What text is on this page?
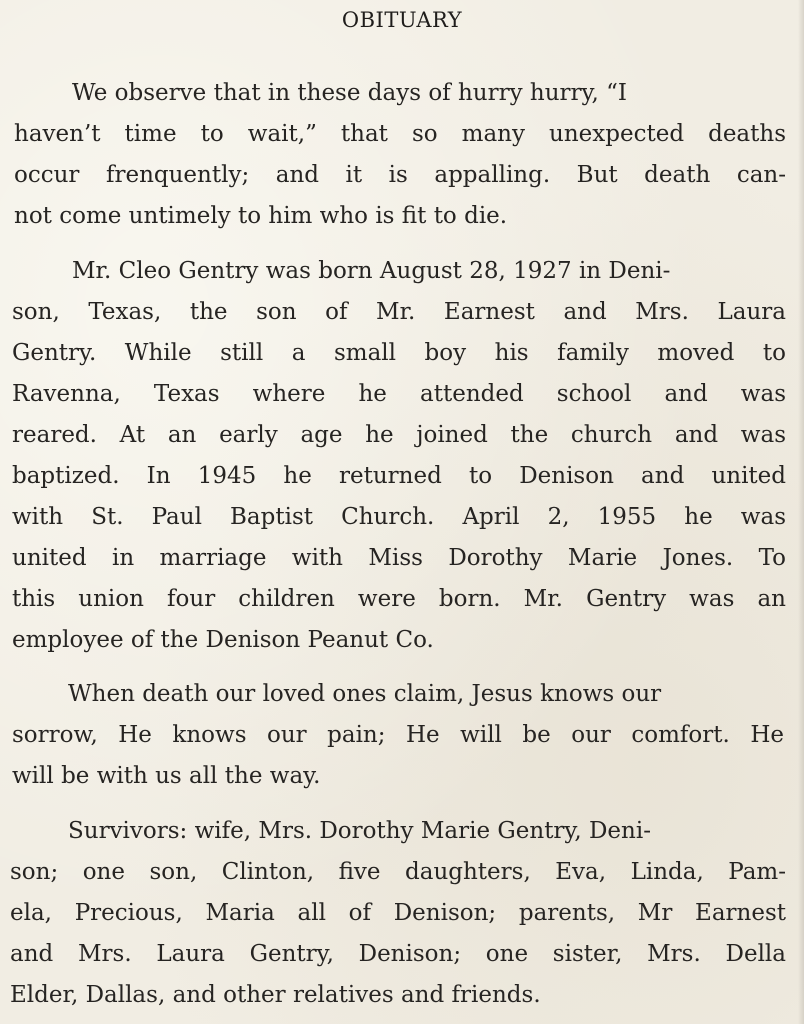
OBITUARY
We observe that in these days of hurry hurry, “I
haven’t time to wait,” that so many unexpected deaths
occur frenquently; and it is appalling. But death can-
not come untimely to him who is fit to die.
Mr. Cleo Gentry was born August 28, 1927 in Deni-
son, Texas, the son of Mr. Earnest and Mrs. Laura
Gentry. While still a small boy his family moved to
Ravenna, Texas where he attended school and was
reared. At an early age he joined the church and was
baptized. In 1945 he returned to Denison and united
with St. Paul Baptist Church. April 2, 1955 he was
united in marriage with Miss Dorothy Marie Jones. To
this union four children were born. Mr. Gentry was an
employee of the Denison Peanut Co.
When death our loved ones claim, Jesus knows our
sorrow, He knows our pain; He will be our comfort. He
will be with us all the way.
Survivors: wife, Mrs. Dorothy Marie Gentry, Deni-
son; one son, Clinton, five daughters, Eva, Linda, Pam-
ela, Precious, Maria all of Denison; parents, Mr Earnest
and Mrs. Laura Gentry, Denison; one sister, Mrs. Della
Elder, Dallas, and other relatives and friends.
